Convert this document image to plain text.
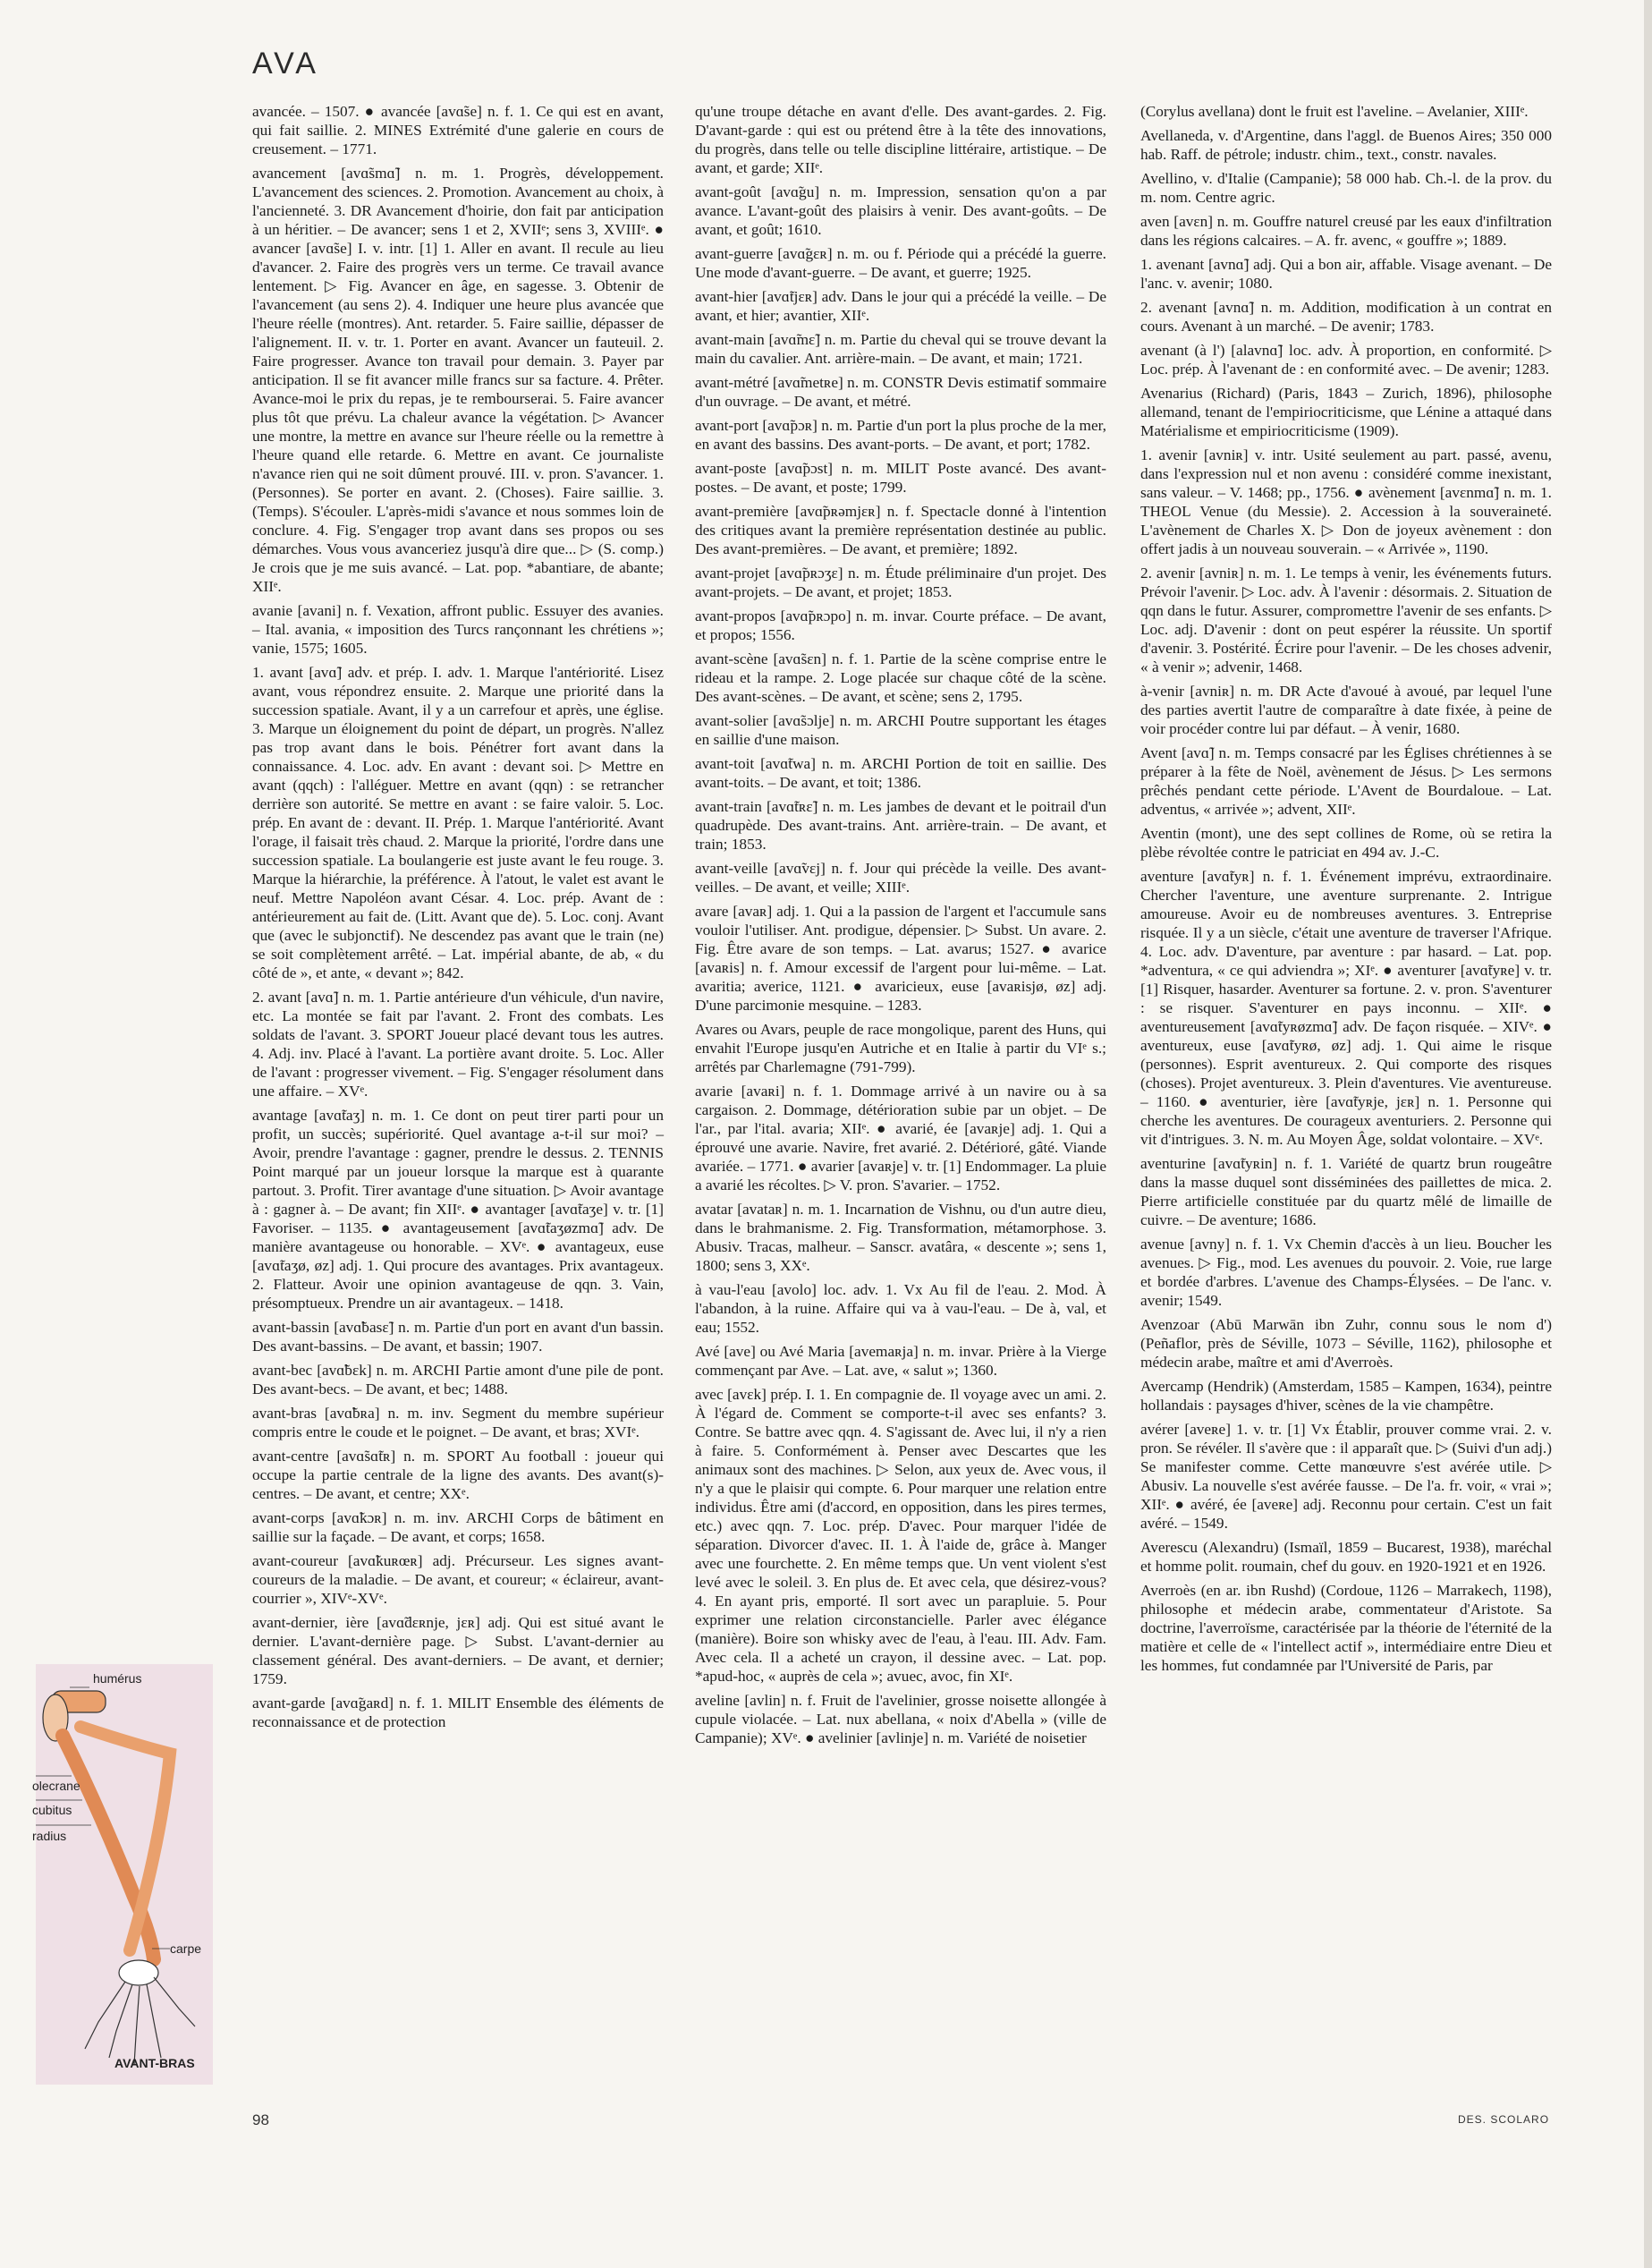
AVA

avancée. – 1507. ● avancée [avɑ̃se] n. f. 1. Ce qui est en avant, qui fait saillie. 2. MINES Extrémité d'une galerie en cours de creusement. – 1771.

avancement [avɑ̃smɑ̃] n. m. 1. Progrès, développement. L'avancement des sciences. 2. Promotion. Avancement au choix, à l'ancienneté. 3. DR Avancement d'hoirie, don fait par anticipation à un héritier. – De avancer; sens 1 et 2, XVIIᵉ; sens 3, XVIIIᵉ. ● avancer [avɑ̃se] I. v. intr. [1] 1. Aller en avant. Il recule au lieu d'avancer. 2. Faire des progrès vers un terme. Ce travail avance lentement. ▷ Fig. Avancer en âge, en sagesse. 3. Obtenir de l'avancement (au sens 2). 4. Indiquer une heure plus avancée que l'heure réelle (montres). Ant. retarder. 5. Faire saillie, dépasser de l'alignement. II. v. tr. 1. Porter en avant. Avancer un fauteuil. 2. Faire progresser. Avance ton travail pour demain. 3. Payer par anticipation. Il se fit avancer mille francs sur sa facture. 4. Prêter. Avance-moi le prix du repas, je te rembourserai. 5. Faire avancer plus tôt que prévu. La chaleur avance la végétation. ▷ Avancer une montre, la mettre en avance sur l'heure réelle ou la remettre à l'heure quand elle retarde. 6. Mettre en avant. Ce journaliste n'avance rien qui ne soit dûment prouvé. III. v. pron. S'avancer. 1. (Personnes). Se porter en avant. 2. (Choses). Faire saillie. 3. (Temps). S'écouler. L'après-midi s'avance et nous sommes loin de conclure. 4. Fig. S'engager trop avant dans ses propos ou ses démarches. Vous vous avanceriez jusqu'à dire que... ▷ (S. comp.) Je crois que je me suis avancé. – Lat. pop. *abantiare, de abante; XIIᵉ.

avanie [avani] n. f. Vexation, affront public. Essuyer des avanies. – Ital. avania, « imposition des Turcs rançonnant les chrétiens »; vanie, 1575; 1605.

1. avant [avɑ̃] adv. et prép. I. adv. 1. Marque l'antériorité. Lisez avant, vous répondrez ensuite. 2. Marque une priorité dans la succession spatiale. Avant, il y a un carrefour et après, une église. 3. Marque un éloignement du point de départ, un progrès. N'allez pas trop avant dans le bois. Pénétrer fort avant dans la connaissance. 4. Loc. adv. En avant : devant soi. ▷ Mettre en avant (qqch) : l'alléguer. Mettre en avant (qqn) : se retrancher derrière son autorité. Se mettre en avant : se faire valoir. 5. Loc. prép. En avant de : devant. II. Prép. 1. Marque l'antériorité. Avant l'orage, il faisait très chaud. 2. Marque la priorité, l'ordre dans une succession spatiale. La boulangerie est juste avant le feu rouge. 3. Marque la hiérarchie, la préférence. À l'atout, le valet est avant le neuf. Mettre Napoléon avant César. 4. Loc. prép. Avant de : antérieurement au fait de. (Litt. Avant que de). 5. Loc. conj. Avant que (avec le subjonctif). Ne descendez pas avant que le train (ne) se soit complètement arrêté. – Lat. impérial abante, de ab, « du côté de », et ante, « devant »; 842.

2. avant [avɑ̃] n. m. 1. Partie antérieure d'un véhicule, d'un navire, etc. La montée se fait par l'avant. 2. Front des combats. Les soldats de l'avant. 3. SPORT Joueur placé devant tous les autres. 4. Adj. inv. Placé à l'avant. La portière avant droite. 5. Loc. Aller de l'avant : progresser vivement. – Fig. S'engager résolument dans une affaire. – XVᵉ.

avantage [avɑ̃taʒ] n. m. 1. Ce dont on peut tirer parti pour un profit, un succès; supériorité. Quel avantage a-t-il sur moi? – Avoir, prendre l'avantage : gagner, prendre le dessus. 2. TENNIS Point marqué par un joueur lorsque la marque est à quarante partout. 3. Profit. Tirer avantage d'une situation. ▷ Avoir avantage à : gagner à. – De avant; fin XIIᵉ. ● avantager [avɑ̃taʒe] v. tr. [1] Favoriser. – 1135. ● avantageusement [avɑ̃taʒøzmɑ̃] adv. De manière avantageuse ou honorable. – XVᵉ. ● avantageux, euse [avɑ̃taʒø, øz] adj. 1. Qui procure des avantages. Prix avantageux. 2. Flatteur. Avoir une opinion avantageuse de qqn. 3. Vain, présomptueux. Prendre un air avantageux. – 1418.

avant-bassin [avɑ̃basɛ̃] n. m. Partie d'un port en avant d'un bassin. Des avant-bassins. – De avant, et bassin; 1907.

avant-bec [avɑ̃bɛk] n. m. ARCHI Partie amont d'une pile de pont. Des avant-becs. – De avant, et bec; 1488.

avant-bras [avɑ̃bʀa] n. m. inv. Segment du membre supérieur compris entre le coude et le poignet. – De avant, et bras; XVIᵉ.

avant-centre [avɑ̃sɑ̃tʀ] n. m. SPORT Au football : joueur qui occupe la partie centrale de la ligne des avants. Des avant(s)-centres. – De avant, et centre; XXᵉ.

avant-corps [avɑ̃kɔʀ] n. m. inv. ARCHI Corps de bâtiment en saillie sur la façade. – De avant, et corps; 1658.

avant-coureur [avɑ̃kuʀœʀ] adj. Précurseur. Les signes avant-coureurs de la maladie. – De avant, et coureur; « éclaireur, avant-courrier », XIVᵉ-XVᵉ.

avant-dernier, ière [avɑ̃dɛʀnje, jɛʀ] adj. Qui est situé avant le dernier. L'avant-dernière page. ▷ Subst. L'avant-dernier au classement général. Des avant-derniers. – De avant, et dernier; 1759.

avant-garde [avɑ̃gaʀd] n. f. 1. MILIT Ensemble des éléments de reconnaissance et de protection

qu'une troupe détache en avant d'elle. Des avant-gardes. 2. Fig. D'avant-garde : qui est ou prétend être à la tête des innovations, du progrès, dans telle ou telle discipline littéraire, artistique. – De avant, et garde; XIIᵉ.

avant-goût [avɑ̃gu] n. m. Impression, sensation qu'on a par avance. L'avant-goût des plaisirs à venir. Des avant-goûts. – De avant, et goût; 1610.

avant-guerre [avɑ̃gɛʀ] n. m. ou f. Période qui a précédé la guerre. Une mode d'avant-guerre. – De avant, et guerre; 1925.

avant-hier [avɑ̃tjɛʀ] adv. Dans le jour qui a précédé la veille. – De avant, et hier; avantier, XIIᵉ.

avant-main [avɑ̃mɛ̃] n. m. Partie du cheval qui se trouve devant la main du cavalier. Ant. arrière-main. – De avant, et main; 1721.

avant-métré [avɑ̃metʀe] n. m. CONSTR Devis estimatif sommaire d'un ouvrage. – De avant, et métré.

avant-port [avɑ̃pɔʀ] n. m. Partie d'un port la plus proche de la mer, en avant des bassins. Des avant-ports. – De avant, et port; 1782.

avant-poste [avɑ̃pɔst] n. m. MILIT Poste avancé. Des avant-postes. – De avant, et poste; 1799.

avant-première [avɑ̃pʀəmjɛʀ] n. f. Spectacle donné à l'intention des critiques avant la première représentation destinée au public. Des avant-premières. – De avant, et première; 1892.

avant-projet [avɑ̃pʀɔʒɛ] n. m. Étude préliminaire d'un projet. Des avant-projets. – De avant, et projet; 1853.

avant-propos [avɑ̃pʀɔpo] n. m. invar. Courte préface. – De avant, et propos; 1556.

avant-scène [avɑ̃sɛn] n. f. 1. Partie de la scène comprise entre le rideau et la rampe. 2. Loge placée sur chaque côté de la scène. Des avant-scènes. – De avant, et scène; sens 2, 1795.

avant-solier [avɑ̃sɔlje] n. m. ARCHI Poutre supportant les étages en saillie d'une maison.

avant-toit [avɑ̃twa] n. m. ARCHI Portion de toit en saillie. Des avant-toits. – De avant, et toit; 1386.

avant-train [avɑ̃tʀɛ̃] n. m. Les jambes de devant et le poitrail d'un quadrupède. Des avant-trains. Ant. arrière-train. – De avant, et train; 1853.

avant-veille [avɑ̃vɛj] n. f. Jour qui précède la veille. Des avant-veilles. – De avant, et veille; XIIIᵉ.

avare [avaʀ] adj. 1. Qui a la passion de l'argent et l'accumule sans vouloir l'utiliser. Ant. prodigue, dépensier. ▷ Subst. Un avare. 2. Fig. Être avare de son temps. – Lat. avarus; 1527. ● avarice [avaʀis] n. f. Amour excessif de l'argent pour lui-même. – Lat. avaritia; averice, 1121. ● avaricieux, euse [avaʀisjø, øz] adj. D'une parcimonie mesquine. – 1283.

Avares ou Avars, peuple de race mongolique, parent des Huns, qui envahit l'Europe jusqu'en Autriche et en Italie à partir du VIᵉ s.; arrêtés par Charlemagne (791-799).

avarie [avaʀi] n. f. 1. Dommage arrivé à un navire ou à sa cargaison. 2. Dommage, détérioration subie par un objet. – De l'ar., par l'ital. avaria; XIIᵉ. ● avarié, ée [avaʀje] adj. 1. Qui a éprouvé une avarie. Navire, fret avarié. 2. Détérioré, gâté. Viande avariée. – 1771. ● avarier [avaʀje] v. tr. [1] Endommager. La pluie a avarié les récoltes. ▷ V. pron. S'avarier. – 1752.

avatar [avataʀ] n. m. 1. Incarnation de Vishnu, ou d'un autre dieu, dans le brahmanisme. 2. Fig. Transformation, métamorphose. 3. Abusiv. Tracas, malheur. – Sanscr. avatâra, « descente »; sens 1, 1800; sens 3, XXᵉ.

à vau-l'eau [avolo] loc. adv. 1. Vx Au fil de l'eau. 2. Mod. À l'abandon, à la ruine. Affaire qui va à vau-l'eau. – De à, val, et eau; 1552.

Avé [ave] ou Avé Maria [avemaʀja] n. m. invar. Prière à la Vierge commençant par Ave. – Lat. ave, « salut »; 1360.

avec [avɛk] prép. I. 1. En compagnie de. Il voyage avec un ami. 2. À l'égard de. Comment se comporte-t-il avec ses enfants? 3. Contre. Se battre avec qqn. 4. S'agissant de. Avec lui, il n'y a rien à faire. 5. Conformément à. Penser avec Descartes que les animaux sont des machines. ▷ Selon, aux yeux de. Avec vous, il n'y a que le plaisir qui compte. 6. Pour marquer une relation entre individus. Être ami (d'accord, en opposition, dans les pires termes, etc.) avec qqn. 7. Loc. prép. D'avec. Pour marquer l'idée de séparation. Divorcer d'avec. II. 1. À l'aide de, grâce à. Manger avec une fourchette. 2. En même temps que. Un vent violent s'est levé avec le soleil. 3. En plus de. Et avec cela, que désirez-vous? 4. En ayant pris, emporté. Il sort avec un parapluie. 5. Pour exprimer une relation circonstancielle. Parler avec élégance (manière). Boire son whisky avec de l'eau, à l'eau. III. Adv. Fam. Avec cela. Il a acheté un crayon, il dessine avec. – Lat. pop. *apud-hoc, « auprès de cela »; avuec, avoc, fin XIᵉ.

aveline [avlin] n. f. Fruit de l'avelinier, grosse noisette allongée à cupule violacée. – Lat. nux abellana, « noix d'Abella » (ville de Campanie); XVᵉ. ● avelinier [avlinje] n. m. Variété de noisetier

(Corylus avellana) dont le fruit est l'aveline. – Avelanier, XIIIᵉ.

Avellaneda, v. d'Argentine, dans l'aggl. de Buenos Aires; 350 000 hab. Raff. de pétrole; industr. chim., text., constr. navales.

Avellino, v. d'Italie (Campanie); 58 000 hab. Ch.-l. de la prov. du m. nom. Centre agric.

aven [avɛn] n. m. Gouffre naturel creusé par les eaux d'infiltration dans les régions calcaires. – A. fr. avenc, « gouffre »; 1889.

1. avenant [avnɑ̃] adj. Qui a bon air, affable. Visage avenant. – De l'anc. v. avenir; 1080.

2. avenant [avnɑ̃] n. m. Addition, modification à un contrat en cours. Avenant à un marché. – De avenir; 1783.

avenant (à l') [alavnɑ̃] loc. adv. À proportion, en conformité. ▷ Loc. prép. À l'avenant de : en conformité avec. – De avenir; 1283.

Avenarius (Richard) (Paris, 1843 – Zurich, 1896), philosophe allemand, tenant de l'empiriocriticisme, que Lénine a attaqué dans Matérialisme et empiriocriticisme (1909).

1. avenir [avniʀ] v. intr. Usité seulement au part. passé, avenu, dans l'expression nul et non avenu : considéré comme inexistant, sans valeur. – V. 1468; pp., 1756. ● avènement [avɛnmɑ̃] n. m. 1. THEOL Venue (du Messie). 2. Accession à la souveraineté. L'avènement de Charles X. ▷ Don de joyeux avènement : don offert jadis à un nouveau souverain. – « Arrivée », 1190.

2. avenir [avniʀ] n. m. 1. Le temps à venir, les événements futurs. Prévoir l'avenir. ▷ Loc. adv. À l'avenir : désormais. 2. Situation de qqn dans le futur. Assurer, compromettre l'avenir de ses enfants. ▷ Loc. adj. D'avenir : dont on peut espérer la réussite. Un sportif d'avenir. 3. Postérité. Écrire pour l'avenir. – De les choses advenir, « à venir »; advenir, 1468.

à-venir [avniʀ] n. m. DR Acte d'avoué à avoué, par lequel l'une des parties avertit l'autre de comparaître à date fixée, à peine de voir procéder contre lui par défaut. – À venir, 1680.

Avent [avɑ̃] n. m. Temps consacré par les Églises chrétiennes à se préparer à la fête de Noël, avènement de Jésus. ▷ Les sermons prêchés pendant cette période. L'Avent de Bourdaloue. – Lat. adventus, « arrivée »; advent, XIIᵉ.

Aventin (mont), une des sept collines de Rome, où se retira la plèbe révoltée contre le patriciat en 494 av. J.-C.

aventure [avɑ̃tyʀ] n. f. 1. Événement imprévu, extraordinaire. Chercher l'aventure, une aventure surprenante. 2. Intrigue amoureuse. Avoir eu de nombreuses aventures. 3. Entreprise risquée. Il y a un siècle, c'était une aventure de traverser l'Afrique. 4. Loc. adv. D'aventure, par aventure : par hasard. – Lat. pop. *adventura, « ce qui adviendra »; XIᵉ. ● aventurer [avɑ̃tyʀe] v. tr. [1] Risquer, hasarder. Aventurer sa fortune. 2. v. pron. S'aventurer : se risquer. S'aventurer en pays inconnu. – XIIᵉ. ● aventureusement [avɑ̃tyʀøzmɑ̃] adv. De façon risquée. – XIVᵉ. ● aventureux, euse [avɑ̃tyʀø, øz] adj. 1. Qui aime le risque (personnes). Esprit aventureux. 2. Qui comporte des risques (choses). Projet aventureux. 3. Plein d'aventures. Vie aventureuse. – 1160. ● aventurier, ière [avɑ̃tyʀje, jɛʀ] n. 1. Personne qui cherche les aventures. De courageux aventuriers. 2. Personne qui vit d'intrigues. 3. N. m. Au Moyen Âge, soldat volontaire. – XVᵉ.

aventurine [avɑ̃tyʀin] n. f. 1. Variété de quartz brun rougeâtre dans la masse duquel sont disséminées des paillettes de mica. 2. Pierre artificielle constituée par du quartz mêlé de limaille de cuivre. – De aventure; 1686.

avenue [avny] n. f. 1. Vx Chemin d'accès à un lieu. Boucher les avenues. ▷ Fig., mod. Les avenues du pouvoir. 2. Voie, rue large et bordée d'arbres. L'avenue des Champs-Élysées. – De l'anc. v. avenir; 1549.

Avenzoar (Abū Marwān ibn Zuhr, connu sous le nom d') (Peñaflor, près de Séville, 1073 – Séville, 1162), philosophe et médecin arabe, maître et ami d'Averroès.

Avercamp (Hendrik) (Amsterdam, 1585 – Kampen, 1634), peintre hollandais : paysages d'hiver, scènes de la vie champêtre.

avérer [aveʀe] 1. v. tr. [1] Vx Établir, prouver comme vrai. 2. v. pron. Se révéler. Il s'avère que : il apparaît que. ▷ (Suivi d'un adj.) Se manifester comme. Cette manœuvre s'est avérée utile. ▷ Abusiv. La nouvelle s'est avérée fausse. – De l'a. fr. voir, « vrai »; XIIᵉ. ● avéré, ée [aveʀe] adj. Reconnu pour certain. C'est un fait avéré. – 1549.

Averescu (Alexandru) (Ismaïl, 1859 – Bucarest, 1938), maréchal et homme polit. roumain, chef du gouv. en 1920-1921 et en 1926.

Averroès (en ar. ibn Rushd) (Cordoue, 1126 – Marrakech, 1198), philosophe et médecin arabe, commentateur d'Aristote. Sa doctrine, l'averroïsme, caractérisée par la théorie de l'éternité de la matière et celle de « l'intellect actif », intermédiaire entre Dieu et les hommes, fut condamnée par l'Université de Paris, par

humérus
olecrane
cubitus
radius
carpe
AVANT-BRAS
98	DES. SCOLARO
